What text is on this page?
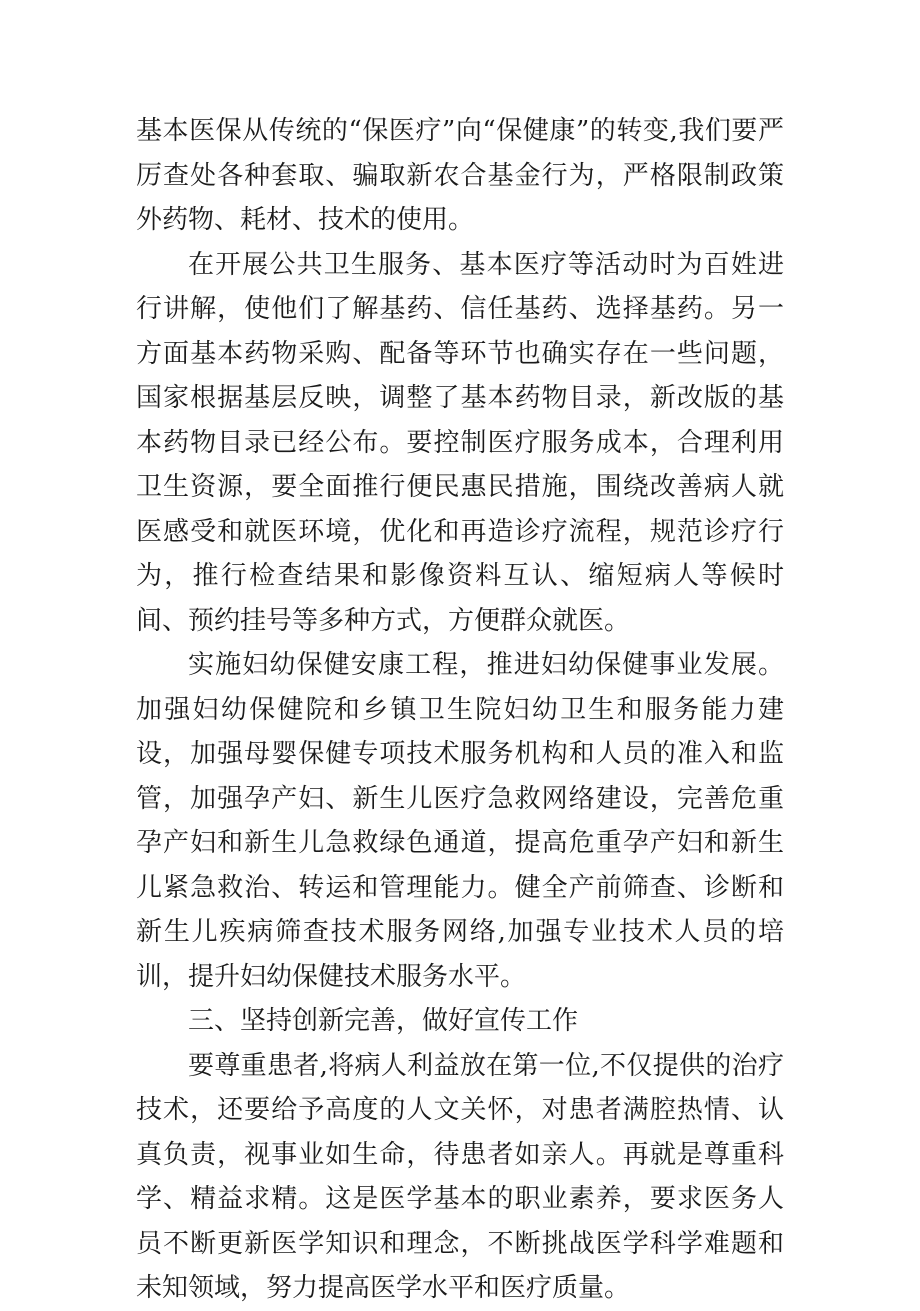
基本医保从传统的“保医疗”向“保健康”的转变,我们要严厉查处各种套取、骗取新农合基金行为，严格限制政策外药物、耗材、技术的使用。

在开展公共卫生服务、基本医疗等活动时为百姓进行讲解，使他们了解基药、信任基药、选择基药。另一方面基本药物采购、配备等环节也确实存在一些问题，国家根据基层反映，调整了基本药物目录，新改版的基本药物目录已经公布。要控制医疗服务成本，合理利用卫生资源，要全面推行便民惠民措施，围绕改善病人就医感受和就医环境，优化和再造诊疗流程，规范诊疗行为，推行检查结果和影像资料互认、缩短病人等候时间、预约挂号等多种方式，方便群众就医。

实施妇幼保健安康工程，推进妇幼保健事业发展。加强妇幼保健院和乡镇卫生院妇幼卫生和服务能力建设，加强母婴保健专项技术服务机构和人员的准入和监管，加强孕产妇、新生儿医疗急救网络建设，完善危重孕产妇和新生儿急救绿色通道，提高危重孕产妇和新生儿紧急救治、转运和管理能力。健全产前筛查、诊断和新生儿疾病筛查技术服务网络,加强专业技术人员的培训，提升妇幼保健技术服务水平。

三、坚持创新完善，做好宣传工作

要尊重患者,将病人利益放在第一位,不仅提供的治疗技术，还要给予高度的人文关怀，对患者满腔热情、认真负责，视事业如生命，待患者如亲人。再就是尊重科学、精益求精。这是医学基本的职业素养，要求医务人员不断更新医学知识和理念，不断挑战医学科学难题和未知领域，努力提高医学水平和医疗质量。
